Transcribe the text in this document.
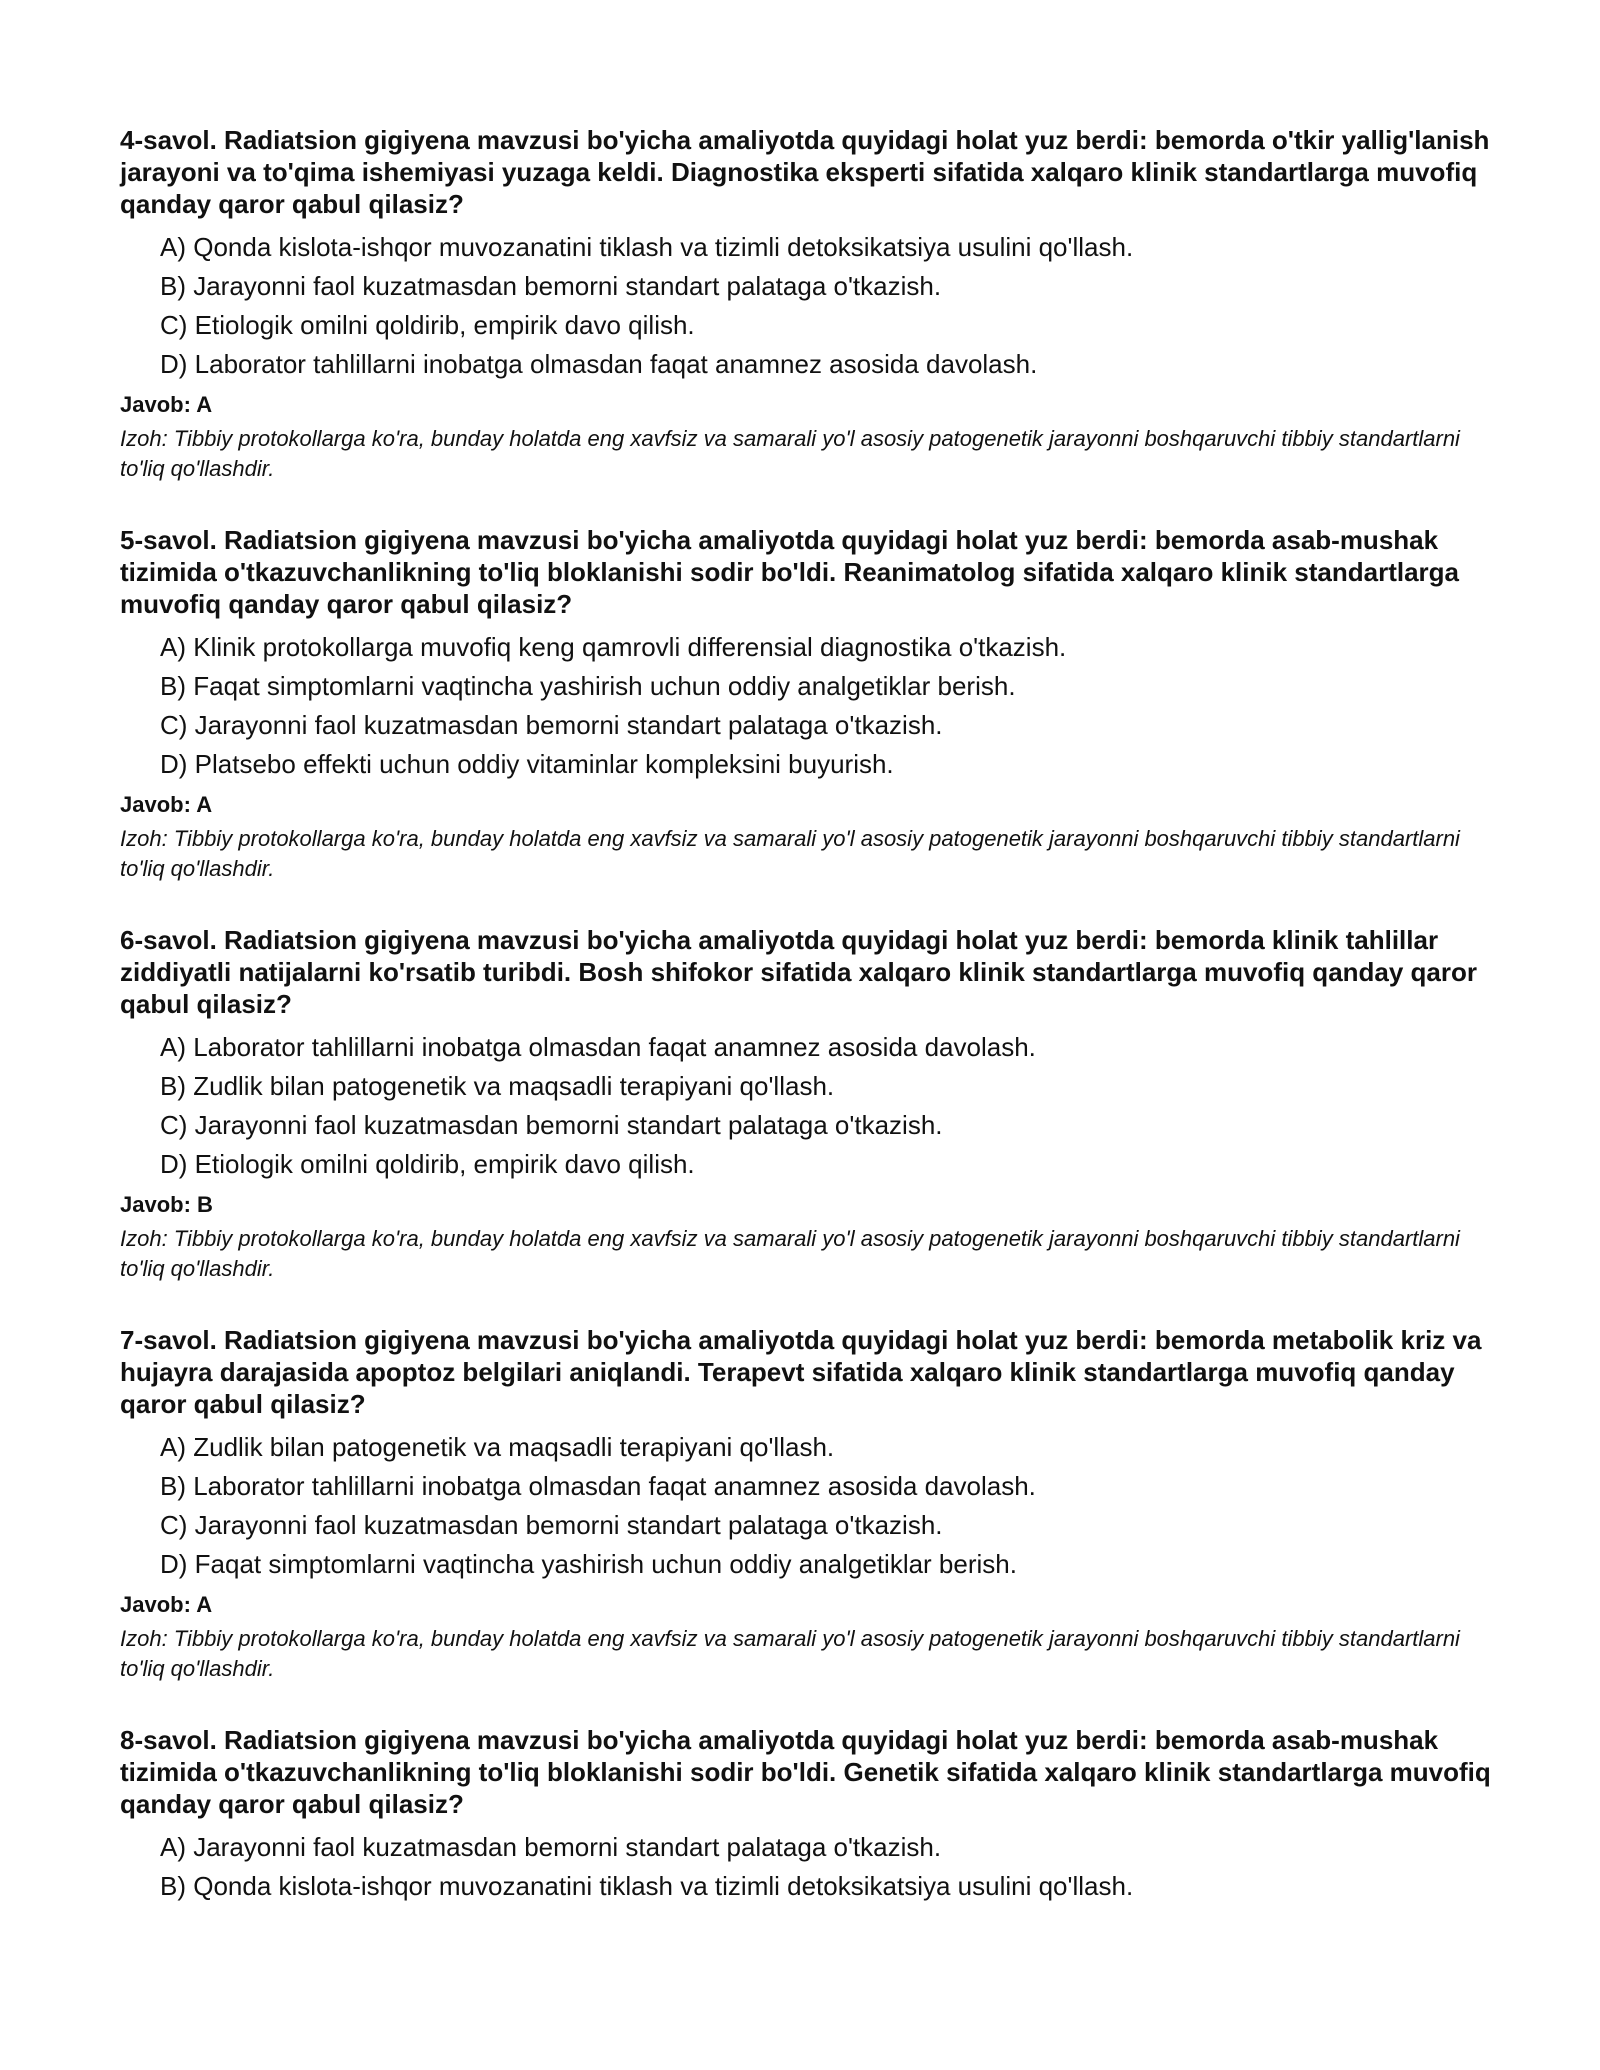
4-savol. Radiatsion gigiyena mavzusi bo'yicha amaliyotda quyidagi holat yuz berdi: bemorda o'tkir yallig'lanish jarayoni va to'qima ishemiyasi yuzaga keldi. Diagnostika eksperti sifatida xalqaro klinik standartlarga muvofiq qanday qaror qabul qilasiz?

A) Qonda kislota-ishqor muvozanatini tiklash va tizimli detoksikatsiya usulini qo'llash.
B) Jarayonni faol kuzatmasdan bemorni standart palataga o'tkazish.
C) Etiologik omilni qoldirib, empirik davo qilish.
D) Laborator tahlillarni inobatga olmasdan faqat anamnez asosida davolash.

Javob: A

Izoh: Tibbiy protokollarga ko'ra, bunday holatda eng xavfsiz va samarali yo'l asosiy patogenetik jarayonni boshqaruvchi tibbiy standartlarni to'liq qo'llashdir.

5-savol. Radiatsion gigiyena mavzusi bo'yicha amaliyotda quyidagi holat yuz berdi: bemorda asab-mushak tizimida o'tkazuvchanlikning to'liq bloklanishi sodir bo'ldi. Reanimatolog sifatida xalqaro klinik standartlarga muvofiq qanday qaror qabul qilasiz?

A) Klinik protokollarga muvofiq keng qamrovli differensial diagnostika o'tkazish.
B) Faqat simptomlarni vaqtincha yashirish uchun oddiy analgetiklar berish.
C) Jarayonni faol kuzatmasdan bemorni standart palataga o'tkazish.
D) Platsebo effekti uchun oddiy vitaminlar kompleksini buyurish.

Javob: A

Izoh: Tibbiy protokollarga ko'ra, bunday holatda eng xavfsiz va samarali yo'l asosiy patogenetik jarayonni boshqaruvchi tibbiy standartlarni to'liq qo'llashdir.

6-savol. Radiatsion gigiyena mavzusi bo'yicha amaliyotda quyidagi holat yuz berdi: bemorda klinik tahlillar ziddiyatli natijalarni ko'rsatib turibdi. Bosh shifokor sifatida xalqaro klinik standartlarga muvofiq qanday qaror qabul qilasiz?

A) Laborator tahlillarni inobatga olmasdan faqat anamnez asosida davolash.
B) Zudlik bilan patogenetik va maqsadli terapiyani qo'llash.
C) Jarayonni faol kuzatmasdan bemorni standart palataga o'tkazish.
D) Etiologik omilni qoldirib, empirik davo qilish.

Javob: B

Izoh: Tibbiy protokollarga ko'ra, bunday holatda eng xavfsiz va samarali yo'l asosiy patogenetik jarayonni boshqaruvchi tibbiy standartlarni to'liq qo'llashdir.

7-savol. Radiatsion gigiyena mavzusi bo'yicha amaliyotda quyidagi holat yuz berdi: bemorda metabolik kriz va hujayra darajasida apoptoz belgilari aniqlandi. Terapevt sifatida xalqaro klinik standartlarga muvofiq qanday qaror qabul qilasiz?

A) Zudlik bilan patogenetik va maqsadli terapiyani qo'llash.
B) Laborator tahlillarni inobatga olmasdan faqat anamnez asosida davolash.
C) Jarayonni faol kuzatmasdan bemorni standart palataga o'tkazish.
D) Faqat simptomlarni vaqtincha yashirish uchun oddiy analgetiklar berish.

Javob: A

Izoh: Tibbiy protokollarga ko'ra, bunday holatda eng xavfsiz va samarali yo'l asosiy patogenetik jarayonni boshqaruvchi tibbiy standartlarni to'liq qo'llashdir.

8-savol. Radiatsion gigiyena mavzusi bo'yicha amaliyotda quyidagi holat yuz berdi: bemorda asab-mushak tizimida o'tkazuvchanlikning to'liq bloklanishi sodir bo'ldi. Genetik sifatida xalqaro klinik standartlarga muvofiq qanday qaror qabul qilasiz?

A) Jarayonni faol kuzatmasdan bemorni standart palataga o'tkazish.
B) Qonda kislota-ishqor muvozanatini tiklash va tizimli detoksikatsiya usulini qo'llash.
